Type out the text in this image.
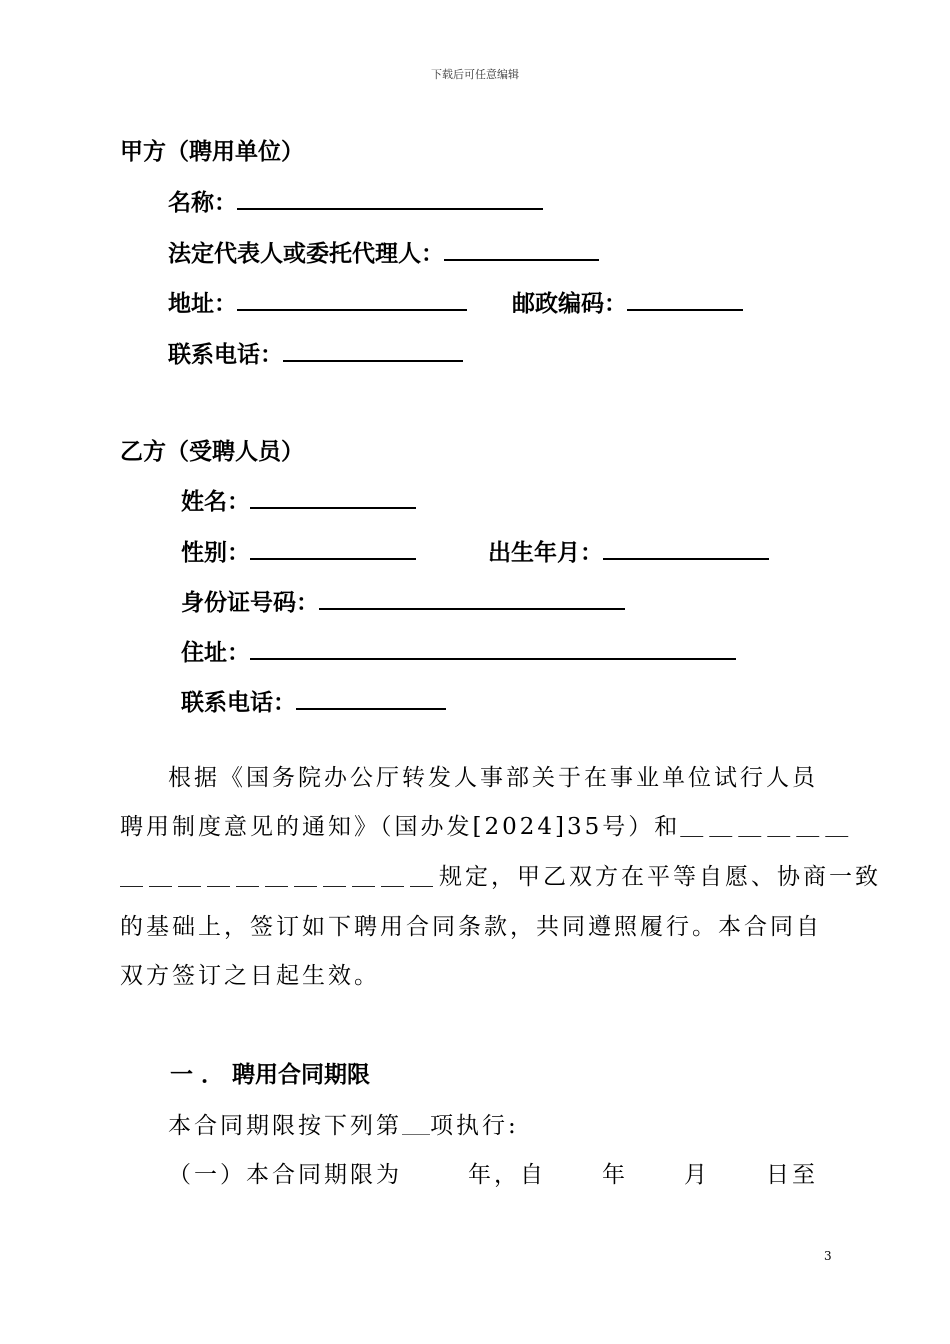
下载后可任意编辑
甲方（聘用单位）
名称：
法定代表人或委托代理人：
地址：	邮政编码：
联系电话：
乙方（受聘人员）
姓名：
性别：	出生年月：
身份证号码：
住址：
联系电话：
根据《国务院办公厅转发人事部关于在事业单位试行人员
聘用制度意见的通知》（国办发[2024]35号）和＿＿＿＿＿＿
＿＿＿＿＿＿＿＿＿＿＿规定，甲乙双方在平等自愿、协商一致
的基础上，签订如下聘用合同条款，共同遵照履行。本合同自
双方签订之日起生效。
一 ． 聘用合同期限
本合同期限按下列第＿＿项执行:
（一）本合同期限为	年，自 年 月 日至
3
